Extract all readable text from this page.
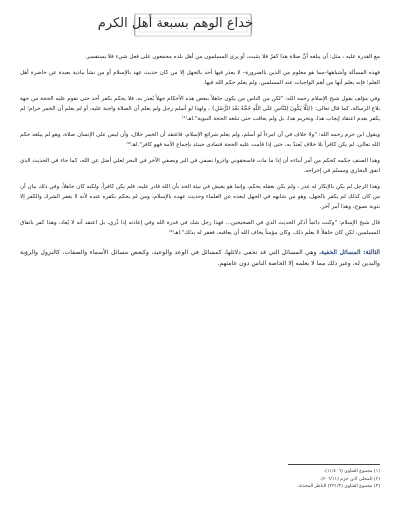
خداع الوهم بسبعة أهل الكرم

مع القدرة عليه ، مثل: أن يبلغه أنَّ صلاة هذا كفرٌ فلا يتثبت، أو يرى المسلمون من أهل بلده مجمعون على فعل شيء فلا يستفسر.

فهذه المسألة وأشباهها–مما هو معلوم من الدين بالضرورة– لا يعذر فيها أحد بالجهل إلا من كان حديث عهد بالإسلام أو من نشأ ببادية بعيدة عن حاضرة أهل العلم؛ فإنه يعلم أنها من أهم الواجبات عند المسلمين، ولم يعلم حكم الله فيها.

وفي مؤلف يقول شيخ الإسلام رحمه الله: "لكن من الناس من يكون جاهلاً ببعض هذه الأحكام جهلاً يُعذر به، فلا يحكم بكفر أحد حتى تقوم عليه الحجة من جهة بلاغ الرسالة، كما قال تعالى: ﴿لِئَلَّا يَكُونَ لِلنَّاسِ عَلَى اللَّهِ حُجَّةٌ بَعْدَ الرُّسُلِ﴾ ، ولهذا لو أسلم رجل ولم يعلم أن الصلاة واجبة عليه، أو لم يعلم أن الخمر حرام؛ لم يكفر بعدم اعتقاد إيجاب هذا، وتحريم هذا، بل ولم يعاقب حتى تبلغه الحجة النبوية".اهـ⁽¹⁾

ويقول ابن حزم رحمه الله: "ولا خلاف في أن امرءاً لو أسلم، ولم يعلم شرائع الإسلام، فاعتقد أن الخمر حلال، وأن ليس على الإنسان صلاة، وهو لم يبلغه حكم الله تعالى، لم يكن كافراً بلا خلاف يُعتدّ به، حتى إذا قامت عليه الحجة فتمادى حينئذ بإجماع الأمة فهو كافر".اهـ⁽²⁾

وهذا الصنف حكمه كحكم من أمر أبناءه أن إذا ما مات فاسحقوني واذروا نصفي في البر ونصفي الآخر في البحر لعلي أضل عن الله، كما جاء في الحديث الذي اتفق البخاري ومسلم في إخراجه.

وهذا الرجل لم يكن بالإنكار له عذر ، ولم يكن بعقله يحكم، وإنما هو يعيش في بيئة الحد بأن الله قادر عليه، فلم يكن كافراً، ولكنه كان جاهلاً، وفي ذلك بيان أن من كان كذلك لم يكفر بالجهل، وهو من شابهه في الجهل لبعده عن العلماء وحديث عهده بالإسلام، ومن لم يحكم بكفره عنده لأنه لا يغفر الشرك والكفر إلا بتوبة نصوح، وهذا أمر آخر.

قال شيخ الإسلام: "وكنت دائماً أذكر الحديث الذي في الصحيحين... فهذا رجل شك في قدرة الله وفي إعادته إذا ذُري، بل اعتقد أنه لا يُعاد، وهذا كفر باتفاق المسلمين، لكن كان جاهلاً لا يعلم ذلك، وكان مؤمناً يخاف الله أن يعاقبه، فغفر له بذلك".اهـ⁽³⁾

الثالثة: المسائل الخفية، وهي المسائل التي قد تخفى دلائلها، كمسائل في الوعد والوعيد، وكبعض مسائل الأسماء والصفات، كالنزول والرؤية والبدين له، وغير ذلك مما لا يعلمه إلا الخاصة الناس دون عامتهم.

(١) مجموع الفتاوى (١١/٤٠٦).
(٢) المحلى لابن حزم (٢٠٦/١١).
(٣) مجموع الفتاوى (٢٣١/٣) الناظر المحدثة.
